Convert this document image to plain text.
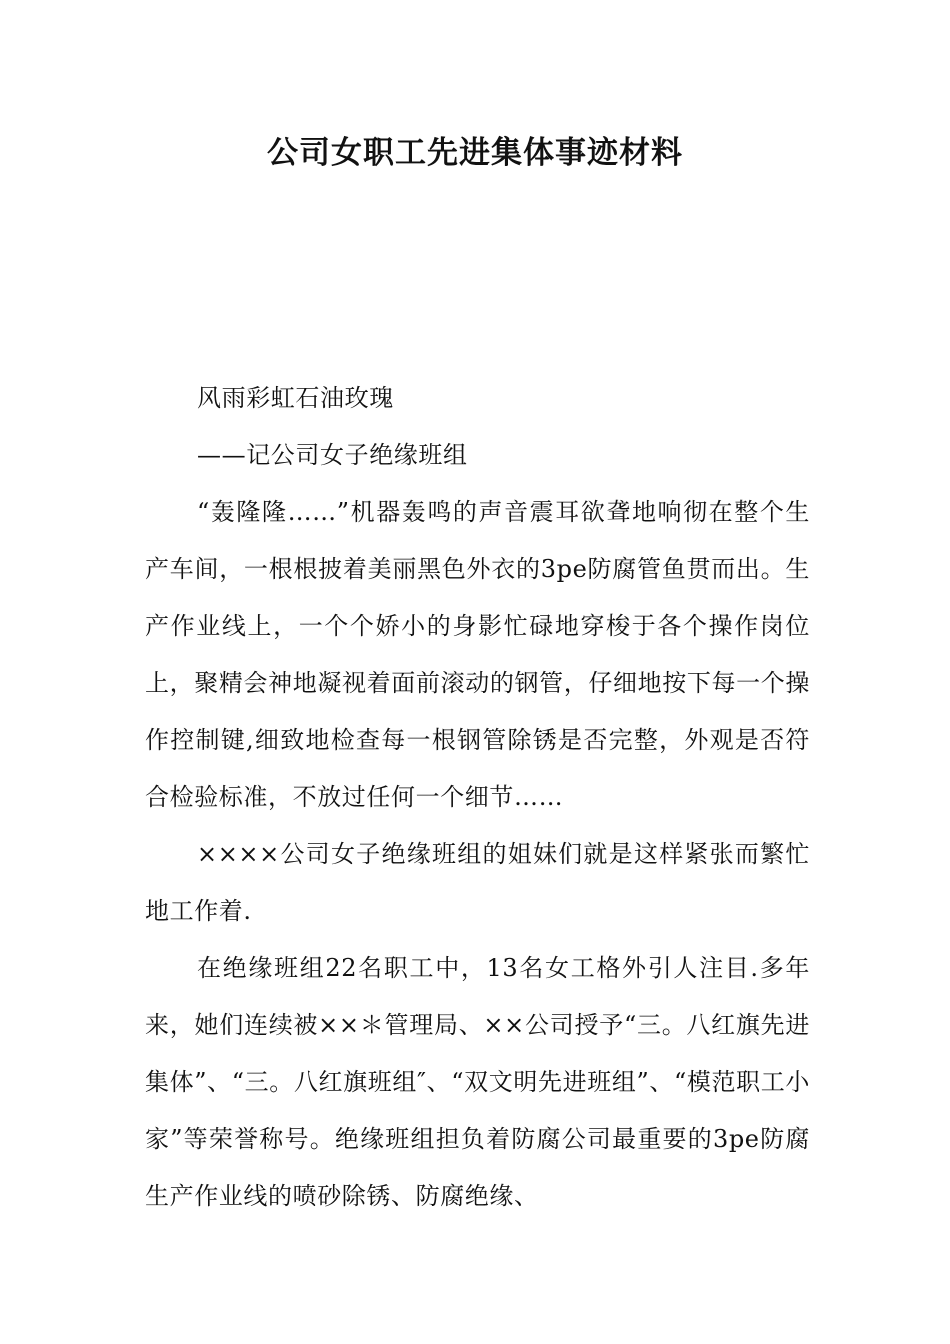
公司女职工先进集体事迹材料

风雨彩虹石油玫瑰

——记公司女子绝缘班组

“轰隆隆……”机器轰鸣的声音震耳欲聋地响彻在整个生产车间，一根根披着美丽黑色外衣的3pe防腐管鱼贯而出。生产作业线上，一个个娇小的身影忙碌地穿梭于各个操作岗位上，聚精会神地凝视着面前滚动的钢管，仔细地按下每一个操作控制键,细致地检查每一根钢管除锈是否完整，外观是否符合检验标准，不放过任何一个细节……

××××公司女子绝缘班组的姐妹们就是这样紧张而繁忙地工作着.

在绝缘班组22名职工中，13名女工格外引人注目.多年来，她们连续被××＊管理局、××公司授予“三。八红旗先进集体”、“三。八红旗班组″、“双文明先进班组”、“模范职工小家”等荣誉称号。绝缘班组担负着防腐公司最重要的3pe防腐生产作业线的喷砂除锈、防腐绝缘、
